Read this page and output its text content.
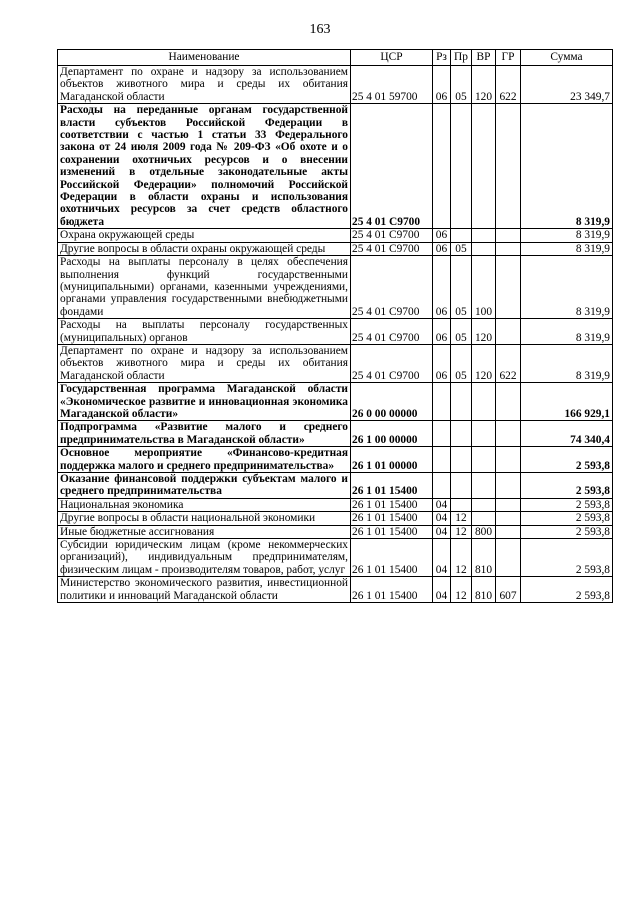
163
Наименование	ЦСР	Рз	Пр	ВР	ГР	Сумма
Департамент по охране и надзору за использованием объектов животного мира и среды их обитания Магаданской области	25 4 01 59700	06	05	120	622	23 349,7
Расходы на переданные органам государственной власти субъектов Российской Федерации в соответствии с частью 1 статьи 33 Федерального закона от 24 июля 2009 года № 209-ФЗ «Об охоте и о сохранении охотничьих ресурсов и о внесении изменений в отдельные законодательные акты Российской Федерации» полномочий Российской Федерации в области охраны и использования охотничьих ресурсов за счет средств областного бюджета	25 4 01 С9700					8 319,9
Охрана окружающей среды	25 4 01 С9700	06				8 319,9
Другие вопросы в области охраны окружающей среды	25 4 01 С9700	06	05			8 319,9
Расходы на выплаты персоналу в целях обеспечения выполнения функций государственными (муниципальными) органами, казенными учреждениями, органами управления государственными внебюджетными фондами	25 4 01 С9700	06	05	100		8 319,9
Расходы на выплаты персоналу государственных (муниципальных) органов	25 4 01 С9700	06	05	120		8 319,9
Департамент по охране и надзору за использованием объектов животного мира и среды их обитания Магаданской области	25 4 01 С9700	06	05	120	622	8 319,9
Государственная программа Магаданской области «Экономическое развитие и инновационная экономика Магаданской области»	26 0 00 00000					166 929,1
Подпрограмма «Развитие малого и среднего предпринимательства в Магаданской области»	26 1 00 00000					74 340,4
Основное мероприятие «Финансово-кредитная поддержка малого и среднего предпринимательства»	26 1 01 00000					2 593,8
Оказание финансовой поддержки субъектам малого и среднего предпринимательства	26 1 01 15400					2 593,8
Национальная экономика	26 1 01 15400	04				2 593,8
Другие вопросы в области национальной экономики	26 1 01 15400	04	12			2 593,8
Иные бюджетные ассигнования	26 1 01 15400	04	12	800		2 593,8
Субсидии юридическим лицам (кроме некоммерческих организаций), индивидуальным предпринимателям, физическим лицам - производителям товаров, работ, услуг	26 1 01 15400	04	12	810		2 593,8
Министерство экономического развития, инвестиционной политики и инноваций Магаданской области	26 1 01 15400	04	12	810	607	2 593,8
